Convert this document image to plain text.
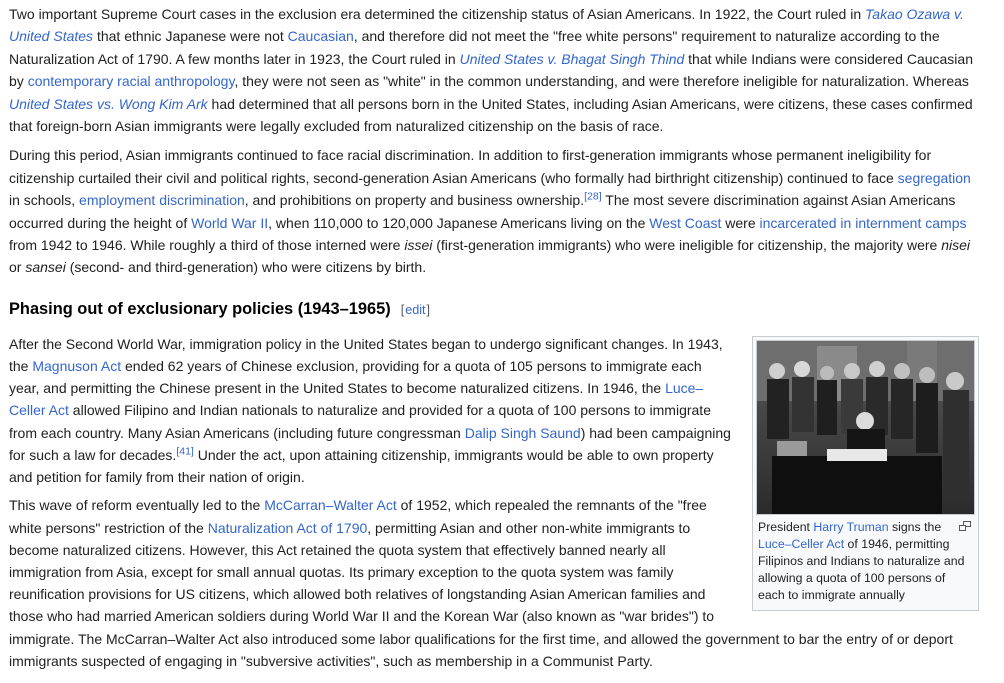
Two important Supreme Court cases in the exclusion era determined the citizenship status of Asian Americans. In 1922, the Court ruled in Takao Ozawa v. United States that ethnic Japanese were not Caucasian, and therefore did not meet the "free white persons" requirement to naturalize according to the Naturalization Act of 1790. A few months later in 1923, the Court ruled in United States v. Bhagat Singh Thind that while Indians were considered Caucasian by contemporary racial anthropology, they were not seen as "white" in the common understanding, and were therefore ineligible for naturalization. Whereas United States vs. Wong Kim Ark had determined that all persons born in the United States, including Asian Americans, were citizens, these cases confirmed that foreign-born Asian immigrants were legally excluded from naturalized citizenship on the basis of race.

During this period, Asian immigrants continued to face racial discrimination. In addition to first-generation immigrants whose permanent ineligibility for citizenship curtailed their civil and political rights, second-generation Asian Americans (who formally had birthright citizenship) continued to face segregation in schools, employment discrimination, and prohibitions on property and business ownership.[28] The most severe discrimination against Asian Americans occurred during the height of World War II, when 110,000 to 120,000 Japanese Americans living on the West Coast were incarcerated in internment camps from 1942 to 1946. While roughly a third of those interned were issei (first-generation immigrants) who were ineligible for citizenship, the majority were nisei or sansei (second- and third-generation) who were citizens by birth.

Phasing out of exclusionary policies (1943–1965) [edit]
President Harry Truman signs the Luce–Celler Act of 1946, permitting Filipinos and Indians to naturalize and allowing a quota of 100 persons of each to immigrate annually

After the Second World War, immigration policy in the United States began to undergo significant changes. In 1943, the Magnuson Act ended 62 years of Chinese exclusion, providing for a quota of 105 persons to immigrate each year, and permitting the Chinese present in the United States to become naturalized citizens. In 1946, the Luce–Celler Act allowed Filipino and Indian nationals to naturalize and provided for a quota of 100 persons to immigrate from each country. Many Asian Americans (including future congressman Dalip Singh Saund) had been campaigning for such a law for decades.[41] Under the act, upon attaining citizenship, immigrants would be able to own property and petition for family from their nation of origin.

This wave of reform eventually led to the McCarran–Walter Act of 1952, which repealed the remnants of the "free white persons" restriction of the Naturalization Act of 1790, permitting Asian and other non-white immigrants to become naturalized citizens. However, this Act retained the quota system that effectively banned nearly all immigration from Asia, except for small annual quotas. Its primary exception to the quota system was family reunification provisions for US citizens, which allowed both relatives of longstanding Asian American families and those who had married American soldiers during World War II and the Korean War (also known as "war brides") to immigrate. The McCarran–Walter Act also introduced some labor qualifications for the first time, and allowed the government to bar the entry of or deport immigrants suspected of engaging in "subversive activities", such as membership in a Communist Party.
